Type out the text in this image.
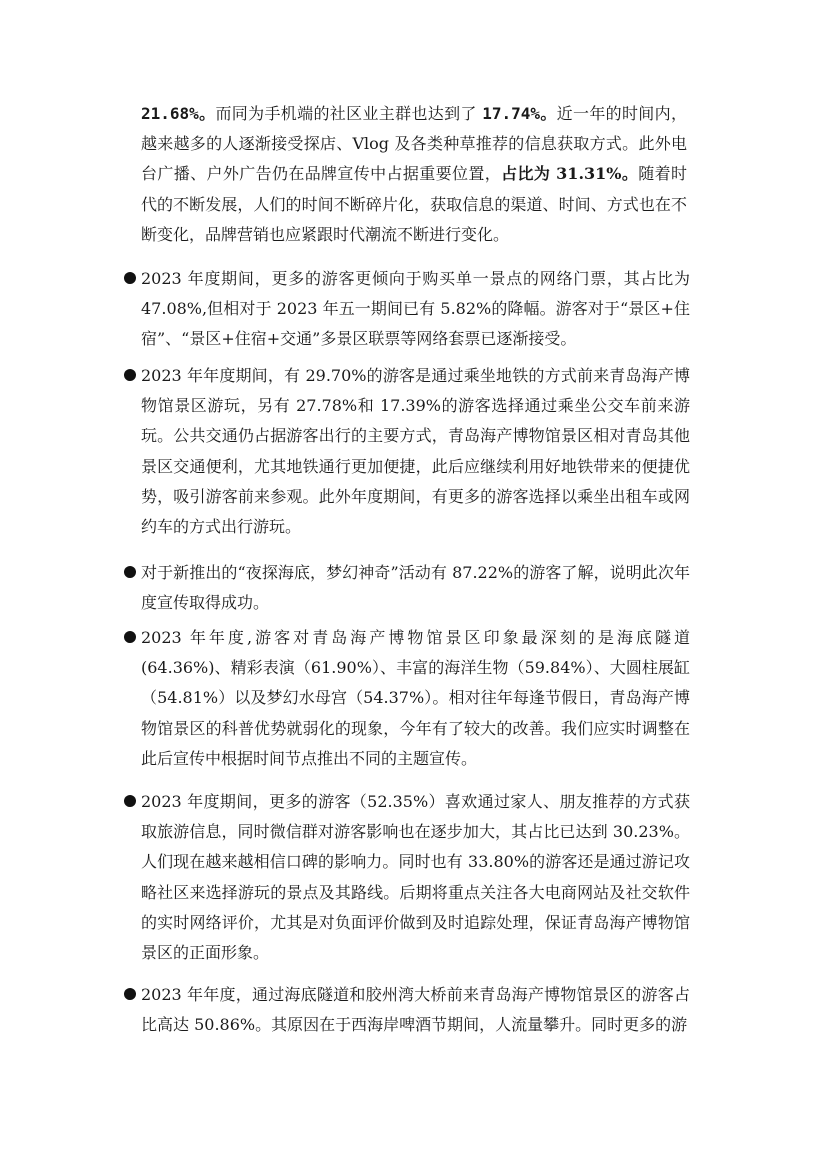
21.68%。而同为手机端的社区业主群也达到了 17.74%。近一年的时间内，越来越多的人逐渐接受探店、Vlog 及各类种草推荐的信息获取方式。此外电台广播、户外广告仍在品牌宣传中占据重要位置，占比为 31.31%。随着时代的不断发展，人们的时间不断碎片化，获取信息的渠道、时间、方式也在不断变化，品牌营销也应紧跟时代潮流不断进行变化。
2023 年度期间，更多的游客更倾向于购买单一景点的网络门票，其占比为 47.08%,但相对于 2023 年五一期间已有 5.82%的降幅。游客对于“景区+住宿”、“景区+住宿+交通”多景区联票等网络套票已逐渐接受。
2023 年年度期间，有 29.70%的游客是通过乘坐地铁的方式前来青岛海产博物馆景区游玩，另有 27.78%和 17.39%的游客选择通过乘坐公交车前来游玩。公共交通仍占据游客出行的主要方式，青岛海产博物馆景区相对青岛其他景区交通便利，尤其地铁通行更加便捷，此后应继续利用好地铁带来的便捷优势，吸引游客前来参观。此外年度期间，有更多的游客选择以乘坐出租车或网约车的方式出行游玩。
对于新推出的“夜探海底，梦幻神奇”活动有 87.22%的游客了解，说明此次年度宣传取得成功。
2023 年年度,游客对青岛海产博物馆景区印象最深刻的是海底隧道(64.36%)、精彩表演（61.90%）、丰富的海洋生物（59.84%）、大圆柱展缸（54.81%）以及梦幻水母宫（54.37%）。相对往年每逢节假日，青岛海产博物馆景区的科普优势就弱化的现象，今年有了较大的改善。我们应实时调整在此后宣传中根据时间节点推出不同的主题宣传。
2023 年度期间，更多的游客（52.35%）喜欢通过家人、朋友推荐的方式获取旅游信息，同时微信群对游客影响也在逐步加大，其占比已达到 30.23%。人们现在越来越相信口碑的影响力。同时也有 33.80%的游客还是通过游记攻略社区来选择游玩的景点及其路线。后期将重点关注各大电商网站及社交软件的实时网络评价，尤其是对负面评价做到及时追踪处理，保证青岛海产博物馆景区的正面形象。
2023 年年度，通过海底隧道和胶州湾大桥前来青岛海产博物馆景区的游客占比高达 50.86%。其原因在于西海岸啤酒节期间，人流量攀升。同时更多的游
